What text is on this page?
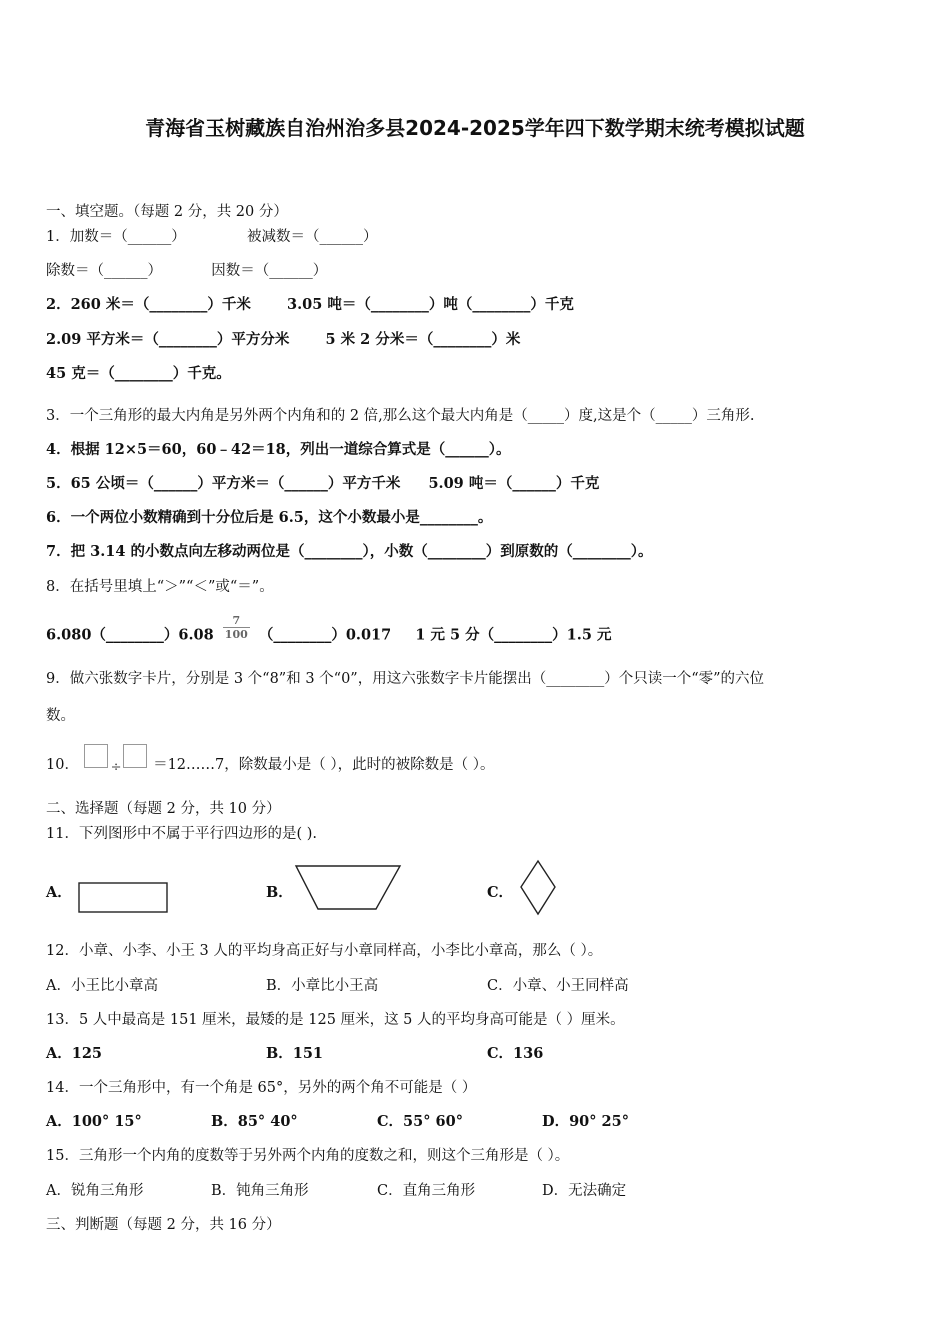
青海省玉树藏族自治州治多县2024-2025学年四下数学期末统考模拟试题
一、填空题。（每题 2 分，共 20 分）
1．加数＝（______）	被减数＝（______）
除数＝（______）	因数＝（______）
2．260 米＝（________）千米 3.05 吨＝（________）吨（________）千克
2.09 平方米＝（________）平方分米 5 米 2 分米＝（________）米
45 克＝（________）千克。
3．一个三角形的最大内角是另外两个内角和的 2 倍,那么这个最大内角是（_____）度,这是个（_____）三角形.
4．根据 12×5＝60，60﹣42＝18，列出一道综合算式是（______）。
5．65 公顷＝（______）平方米＝（______）平方千米 5.09 吨＝（______）千克
6．一个两位小数精确到十分位后是 6.5，这个小数最小是________。
7．把 3.14 的小数点向左移动两位是（________），小数（________）到原数的（________）。
8．在括号里填上“＞”“＜”或“＝”。
6.080（________）6.08 $\frac{7}{100}$ （________）0.017 1 元 5 分（________）1.5 元
9．做六张数字卡片，分别是 3 个“8”和 3 个“0”，用这六张数字卡片能摆出（________）个只读一个“零”的六位
数。
10． ÷ ＝12……7，除数最小是（ ），此时的被除数是（ ）。
二、选择题（每题 2 分，共 10 分）
11．下列图形中不属于平行四边形的是( ).
A．	B．	C．
12．小章、小李、小王 3 人的平均身高正好与小章同样高，小李比小章高，那么（ ）。
A．小王比小章高	B．小章比小王高	C．小章、小王同样高
13．5 人中最高是 151 厘米，最矮的是 125 厘米，这 5 人的平均身高可能是（ ）厘米。
A．125	B．151	C．136
14．一个三角形中，有一个角是 65°，另外的两个角不可能是（ ）
A．100° 15°	B．85° 40°	C．55° 60°	D．90° 25°
15．三角形一个内角的度数等于另外两个内角的度数之和，则这个三角形是（ ）。
A．锐角三角形	B．钝角三角形	C．直角三角形	D．无法确定
三、判断题（每题 2 分，共 16 分）
